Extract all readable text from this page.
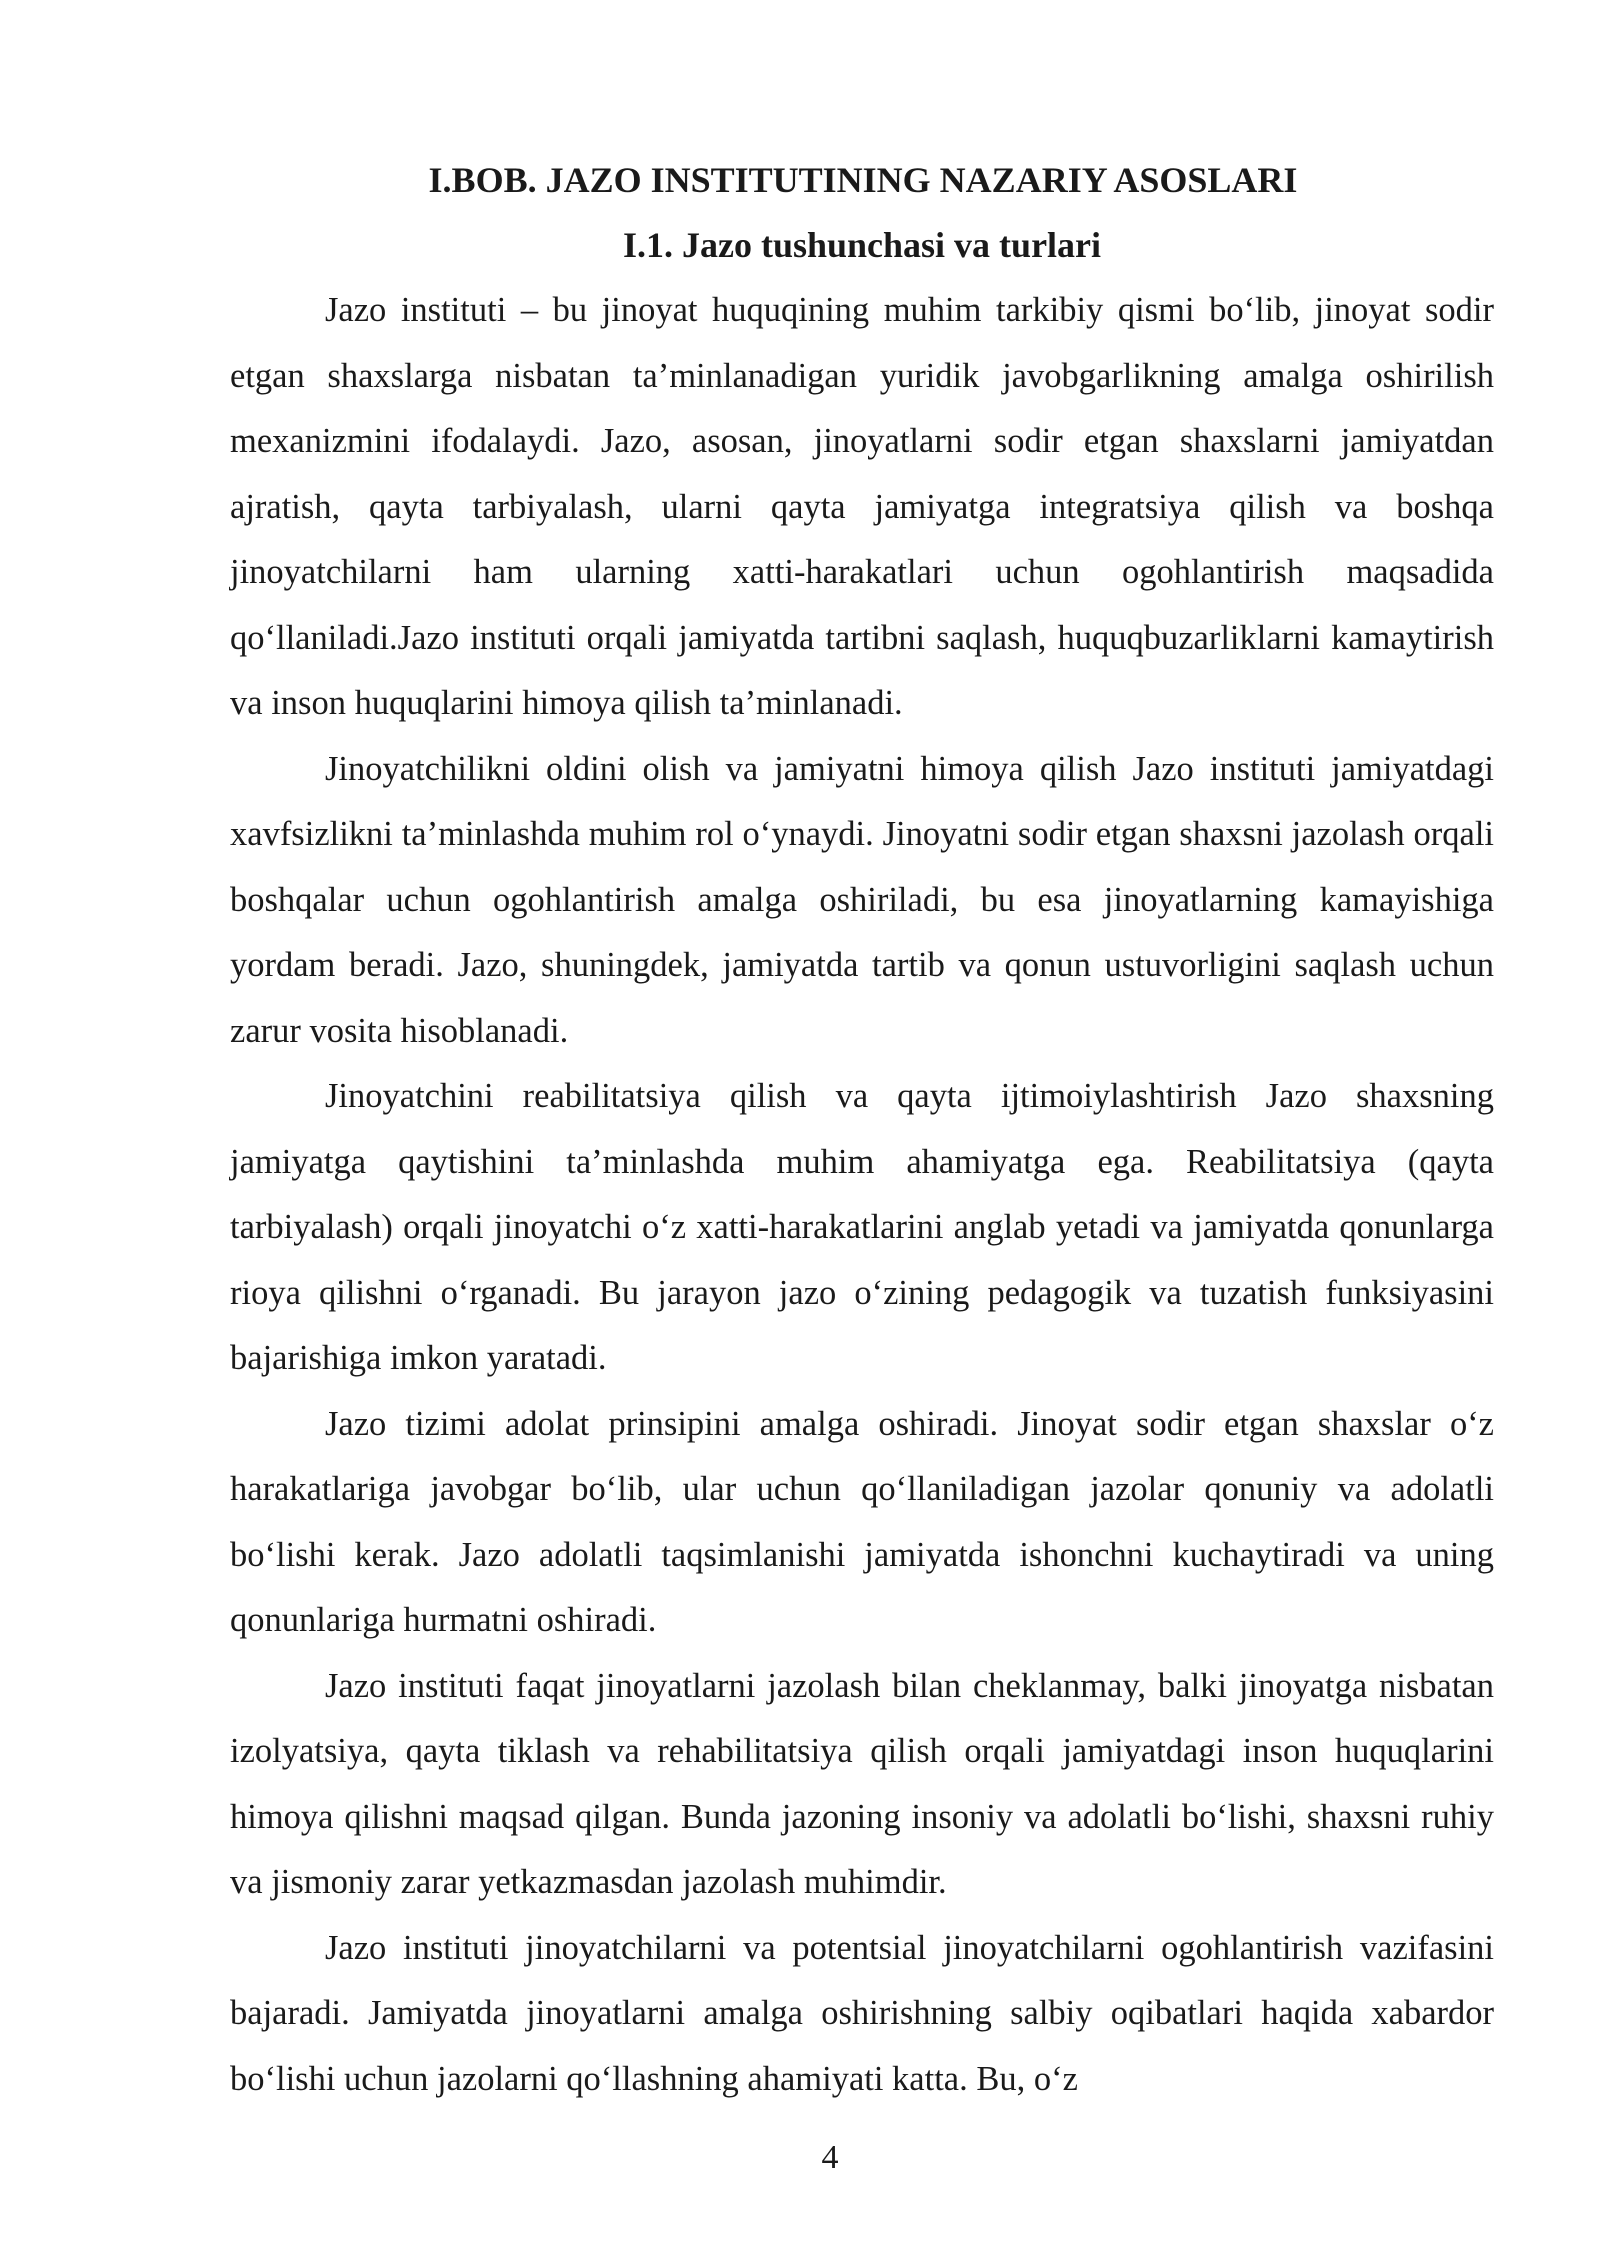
I.BOB. JAZO INSTITUTINING NAZARIY ASOSLARI
I.1. Jazo tushunchasi va turlari

Jazo instituti – bu jinoyat huquqining muhim tarkibiy qismi bo‘lib, jinoyat sodir etgan shaxslarga nisbatan ta’minlanadigan yuridik javobgarlikning amalga oshirilish mexanizmini ifodalaydi. Jazo, asosan, jinoyatlarni sodir etgan shaxslarni jamiyatdan ajratish, qayta tarbiyalash, ularni qayta jamiyatga integratsiya qilish va boshqa jinoyatchilarni ham ularning xatti-harakatlari uchun ogohlantirish maqsadida qo‘llaniladi.Jazo instituti orqali jamiyatda tartibni saqlash, huquqbuzarliklarni kamaytirish va inson huquqlarini himoya qilish ta’minlanadi.

Jinoyatchilikni oldini olish va jamiyatni himoya qilish Jazo instituti jamiyatdagi xavfsizlikni ta’minlashda muhim rol o‘ynaydi. Jinoyatni sodir etgan shaxsni jazolash orqali boshqalar uchun ogohlantirish amalga oshiriladi, bu esa jinoyatlarning kamayishiga yordam beradi. Jazo, shuningdek, jamiyatda tartib va qonun ustuvorligini saqlash uchun zarur vosita hisoblanadi.

Jinoyatchini reabilitatsiya qilish va qayta ijtimoiylashtirish Jazo shaxsning jamiyatga qaytishini ta’minlashda muhim ahamiyatga ega. Reabilitatsiya (qayta tarbiyalash) orqali jinoyatchi o‘z xatti-harakatlarini anglab yetadi va jamiyatda qonunlarga rioya qilishni o‘rganadi. Bu jarayon jazo o‘zining pedagogik va tuzatish funksiyasini bajarishiga imkon yaratadi.

Jazo tizimi adolat prinsipini amalga oshiradi. Jinoyat sodir etgan shaxslar o‘z harakatlariga javobgar bo‘lib, ular uchun qo‘llaniladigan jazolar qonuniy va adolatli bo‘lishi kerak. Jazo adolatli taqsimlanishi jamiyatda ishonchni kuchaytiradi va uning qonunlariga hurmatni oshiradi.

Jazo instituti faqat jinoyatlarni jazolash bilan cheklanmay, balki jinoyatga nisbatan izolyatsiya, qayta tiklash va rehabilitatsiya qilish orqali jamiyatdagi inson huquqlarini himoya qilishni maqsad qilgan. Bunda jazoning insoniy va adolatli bo‘lishi, shaxsni ruhiy va jismoniy zarar yetkazmasdan jazolash muhimdir.

Jazo instituti jinoyatchilarni va potentsial jinoyatchilarni ogohlantirish vazifasini bajaradi. Jamiyatda jinoyatlarni amalga oshirishning salbiy oqibatlari haqida xabardor bo‘lishi uchun jazolarni qo‘llashning ahamiyati katta. Bu, o‘z

4
